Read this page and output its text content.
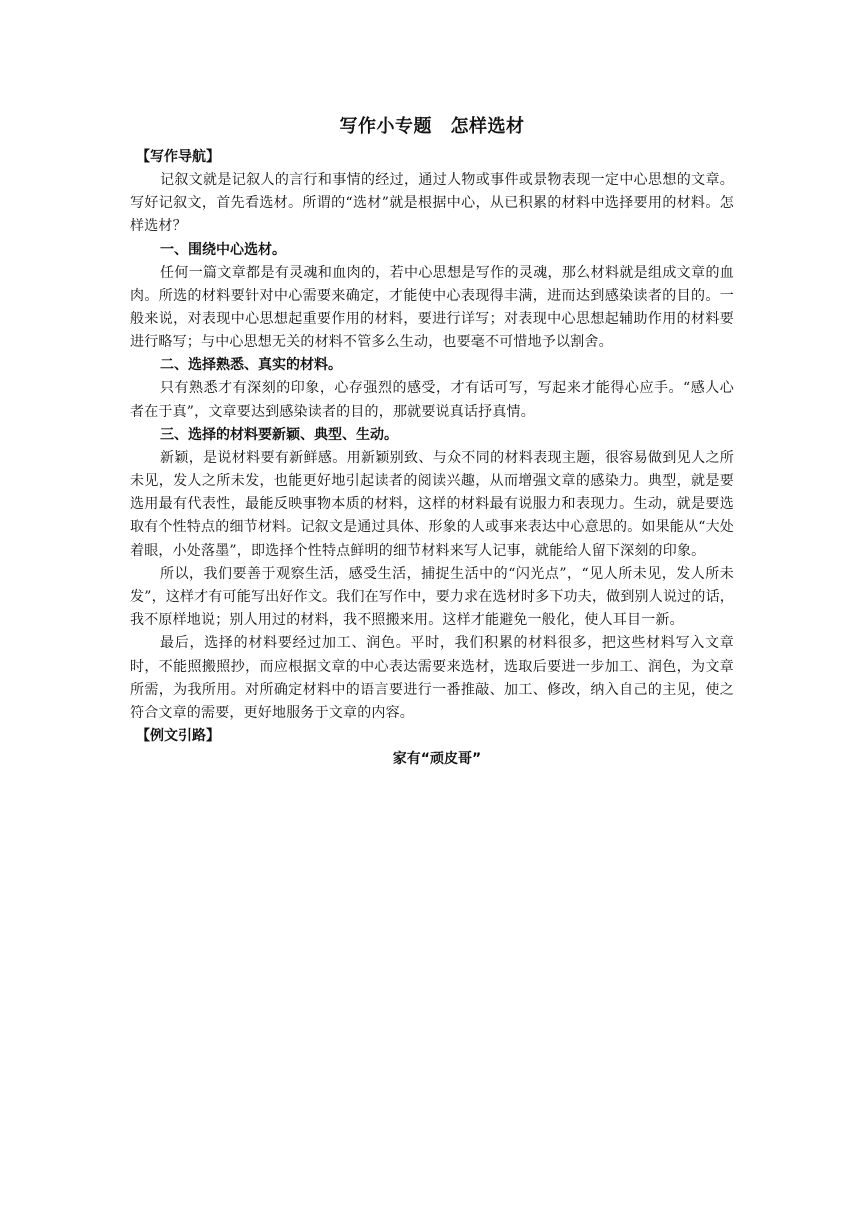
写作小专题　怎样选材

【写作导航】

记叙文就是记叙人的言行和事情的经过，通过人物或事件或景物表现一定中心思想的文章。写好记叙文，首先看选材。所谓的“选材”就是根据中心，从已积累的材料中选择要用的材料。怎样选材？

一、围绕中心选材。

任何一篇文章都是有灵魂和血肉的，若中心思想是写作的灵魂，那么材料就是组成文章的血肉。所选的材料要针对中心需要来确定，才能使中心表现得丰满，进而达到感染读者的目的。一般来说，对表现中心思想起重要作用的材料，要进行详写；对表现中心思想起辅助作用的材料要进行略写；与中心思想无关的材料不管多么生动，也要毫不可惜地予以割舍。

二、选择熟悉、真实的材料。

只有熟悉才有深刻的印象，心存强烈的感受，才有话可写，写起来才能得心应手。“感人心者在于真”，文章要达到感染读者的目的，那就要说真话抒真情。

三、选择的材料要新颖、典型、生动。

新颖，是说材料要有新鲜感。用新颖别致、与众不同的材料表现主题，很容易做到见人之所未见，发人之所未发，也能更好地引起读者的阅读兴趣，从而增强文章的感染力。典型，就是要选用最有代表性，最能反映事物本质的材料，这样的材料最有说服力和表现力。生动，就是要选取有个性特点的细节材料。记叙文是通过具体、形象的人或事来表达中心意思的。如果能从“大处着眼，小处落墨”，即选择个性特点鲜明的细节材料来写人记事，就能给人留下深刻的印象。

所以，我们要善于观察生活，感受生活，捕捉生活中的“闪光点”，“见人所未见，发人所未发”，这样才有可能写出好作文。我们在写作中，要力求在选材时多下功夫，做到别人说过的话，我不原样地说；别人用过的材料，我不照搬来用。这样才能避免一般化，使人耳目一新。

最后，选择的材料要经过加工、润色。平时，我们积累的材料很多，把这些材料写入文章时，不能照搬照抄，而应根据文章的中心表达需要来选材，选取后要进一步加工、润色，为文章所需，为我所用。对所确定材料中的语言要进行一番推敲、加工、修改，纳入自己的主见，使之符合文章的需要，更好地服务于文章的内容。

【例文引路】

家有“顽皮哥”
